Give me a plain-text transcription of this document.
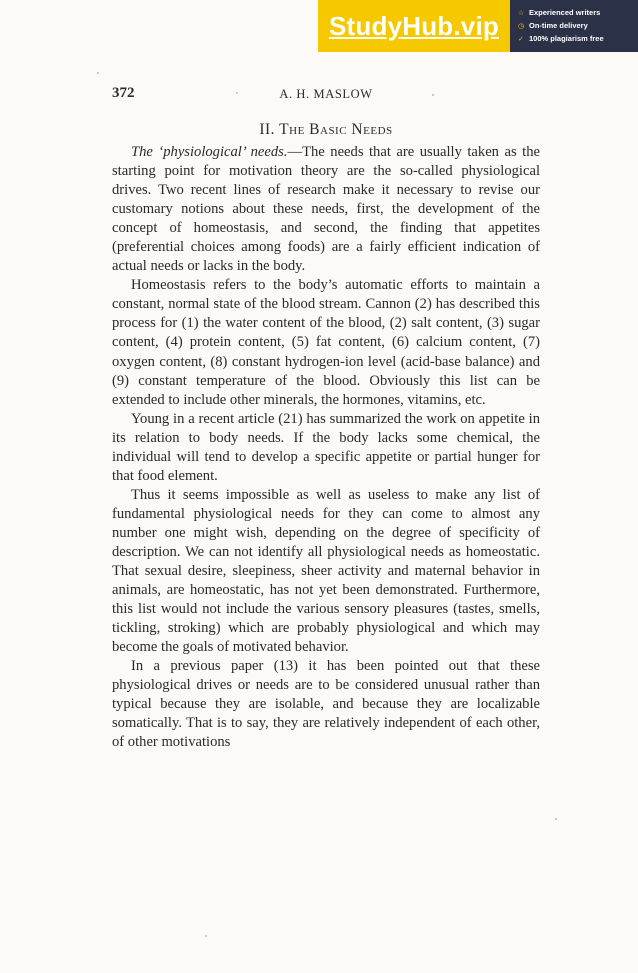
StudyHub.vip	☆ Experienced writers
◷ On-time delivery
✓ 100% plagiarism free
372	A. H. MASLOW
II. The Basic Needs

The ‘physiological’ needs.—The needs that are usually taken as the starting point for motivation theory are the so-called physiological drives. Two recent lines of research make it necessary to revise our customary notions about these needs, first, the development of the concept of homeostasis, and second, the finding that appetites (preferential choices among foods) are a fairly efficient indication of actual needs or lacks in the body.

Homeostasis refers to the body’s automatic efforts to maintain a constant, normal state of the blood stream. Cannon (2) has described this process for (1) the water content of the blood, (2) salt content, (3) sugar content, (4) protein content, (5) fat content, (6) calcium content, (7) oxygen content, (8) constant hydrogen-ion level (acid-base balance) and (9) constant temperature of the blood. Obviously this list can be extended to include other minerals, the hormones, vitamins, etc.

Young in a recent article (21) has summarized the work on appetite in its relation to body needs. If the body lacks some chemical, the individual will tend to develop a specific appetite or partial hunger for that food element.

Thus it seems impossible as well as useless to make any list of fundamental physiological needs for they can come to almost any number one might wish, depending on the degree of specificity of description. We can not identify all physiological needs as homeostatic. That sexual desire, sleepiness, sheer activity and maternal behavior in animals, are homeostatic, has not yet been demonstrated. Furthermore, this list would not include the various sensory pleasures (tastes, smells, tickling, stroking) which are probably physiological and which may become the goals of motivated behavior.

In a previous paper (13) it has been pointed out that these physiological drives or needs are to be considered unusual rather than typical because they are isolable, and because they are localizable somatically. That is to say, they are relatively independent of each other, of other motivations
